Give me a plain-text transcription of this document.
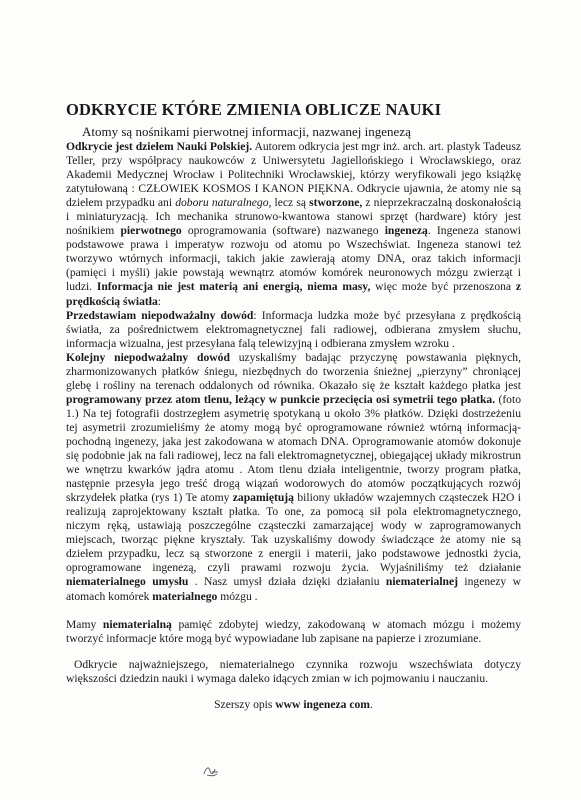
ODKRYCIE KTÓRE ZMIENIA OBLICZE NAUKI

Atomy są nośnikami pierwotnej informacji, nazwanej ingenezą

Odkrycie jest dziełem Nauki Polskiej. Autorem odkrycia jest mgr inż. arch. art. plastyk Tadeusz Teller, przy współpracy naukowców z Uniwersytetu Jagiellońskiego i Wrocławskiego, oraz Akademii Medycznej Wrocław i Politechniki Wrocławskiej, którzy weryfikowali jego książkę zatytułowaną : CZŁOWIEK KOSMOS I KANON PIĘKNA. Odkrycie ujawnia, że atomy nie są dziełem przypadku ani doboru naturalnego, lecz są stworzone, z nieprzekraczalną doskonałością i miniaturyzacją. Ich mechanika strunowo-kwantowa stanowi sprzęt (hardware) który jest nośnikiem pierwotnego oprogramowania (software) nazwanego ingenezą. Ingeneza stanowi podstawowe prawa i imperatyw rozwoju od atomu po Wszechświat. Ingeneza stanowi też tworzywo wtórnych informacji, takich jakie zawierają atomy DNA, oraz takich informacji (pamięci i myśli) jakie powstają wewnątrz atomów komórek neuronowych mózgu zwierząt i ludzi. Informacja nie jest materią ani energią, niema masy, więc może być przenoszona z prędkością światła:

Przedstawiam niepodważalny dowód: Informacja ludzka może być przesyłana z prędkością światła, za pośrednictwem elektromagnetycznej fali radiowej, odbierana zmysłem słuchu, informacja wizualna, jest przesyłana falą telewizyjną i odbierana zmysłem wzroku .

Kolejny niepodważalny dowód uzyskaliśmy badając przyczynę powstawania pięknych, zharmonizowanych płatków śniegu, niezbędnych do tworzenia śnieżnej „pierzyny” chroniącej glebę i rośliny na terenach oddalonych od równika. Okazało się że kształt każdego płatka jest programowany przez atom tlenu, leżący w punkcie przecięcia osi symetrii tego płatka. (foto 1.) Na tej fotografii dostrzegłem asymetrię spotykaną u około 3% płatków. Dzięki dostrzeżeniu tej asymetrii zrozumieliśmy że atomy mogą być oprogramowane również wtórną informacją- pochodną ingenezy, jaka jest zakodowana w atomach DNA. Oprogramowanie atomów dokonuje się podobnie jak na fali radiowej, lecz na fali elektromagnetycznej, obiegającej układy mikrostrun we wnętrzu kwarków jądra atomu . Atom tlenu działa inteligentnie, tworzy program płatka, następnie przesyła jego treść drogą wiązań wodorowych do atomów początkujących rozwój skrzydełek płatka (rys 1) Te atomy zapamiętują biliony układów wzajemnych cząsteczek H2O i realizują zaprojektowany kształt płatka. To one, za pomocą sił pola elektromagnetycznego, niczym ręką, ustawiają poszczególne cząsteczki zamarzającej wody w zaprogramowanych miejscach, tworząc piękne kryształy. Tak uzyskaliśmy dowody świadczące że atomy nie są dziełem przypadku, lecz są stworzone z energii i materii, jako podstawowe jednostki życia, oprogramowane ingenezą, czyli prawami rozwoju życia. Wyjaśniliśmy też działanie niematerialnego umysłu . Nasz umysł działa dzięki działaniu niematerialnej ingenezy w atomach komórek materialnego mózgu .

Mamy niematerialną pamięć zdobytej wiedzy, zakodowaną w atomach mózgu i możemy tworzyć informacje które mogą być wypowiadane lub zapisane na papierze i zrozumiane.

Odkrycie najważniejszego, niematerialnego czynnika rozwoju wszechświata dotyczy większości dziedzin nauki i wymaga daleko idących zmian w ich pojmowaniu i nauczaniu.

Szerszy opis www ingeneza com.
